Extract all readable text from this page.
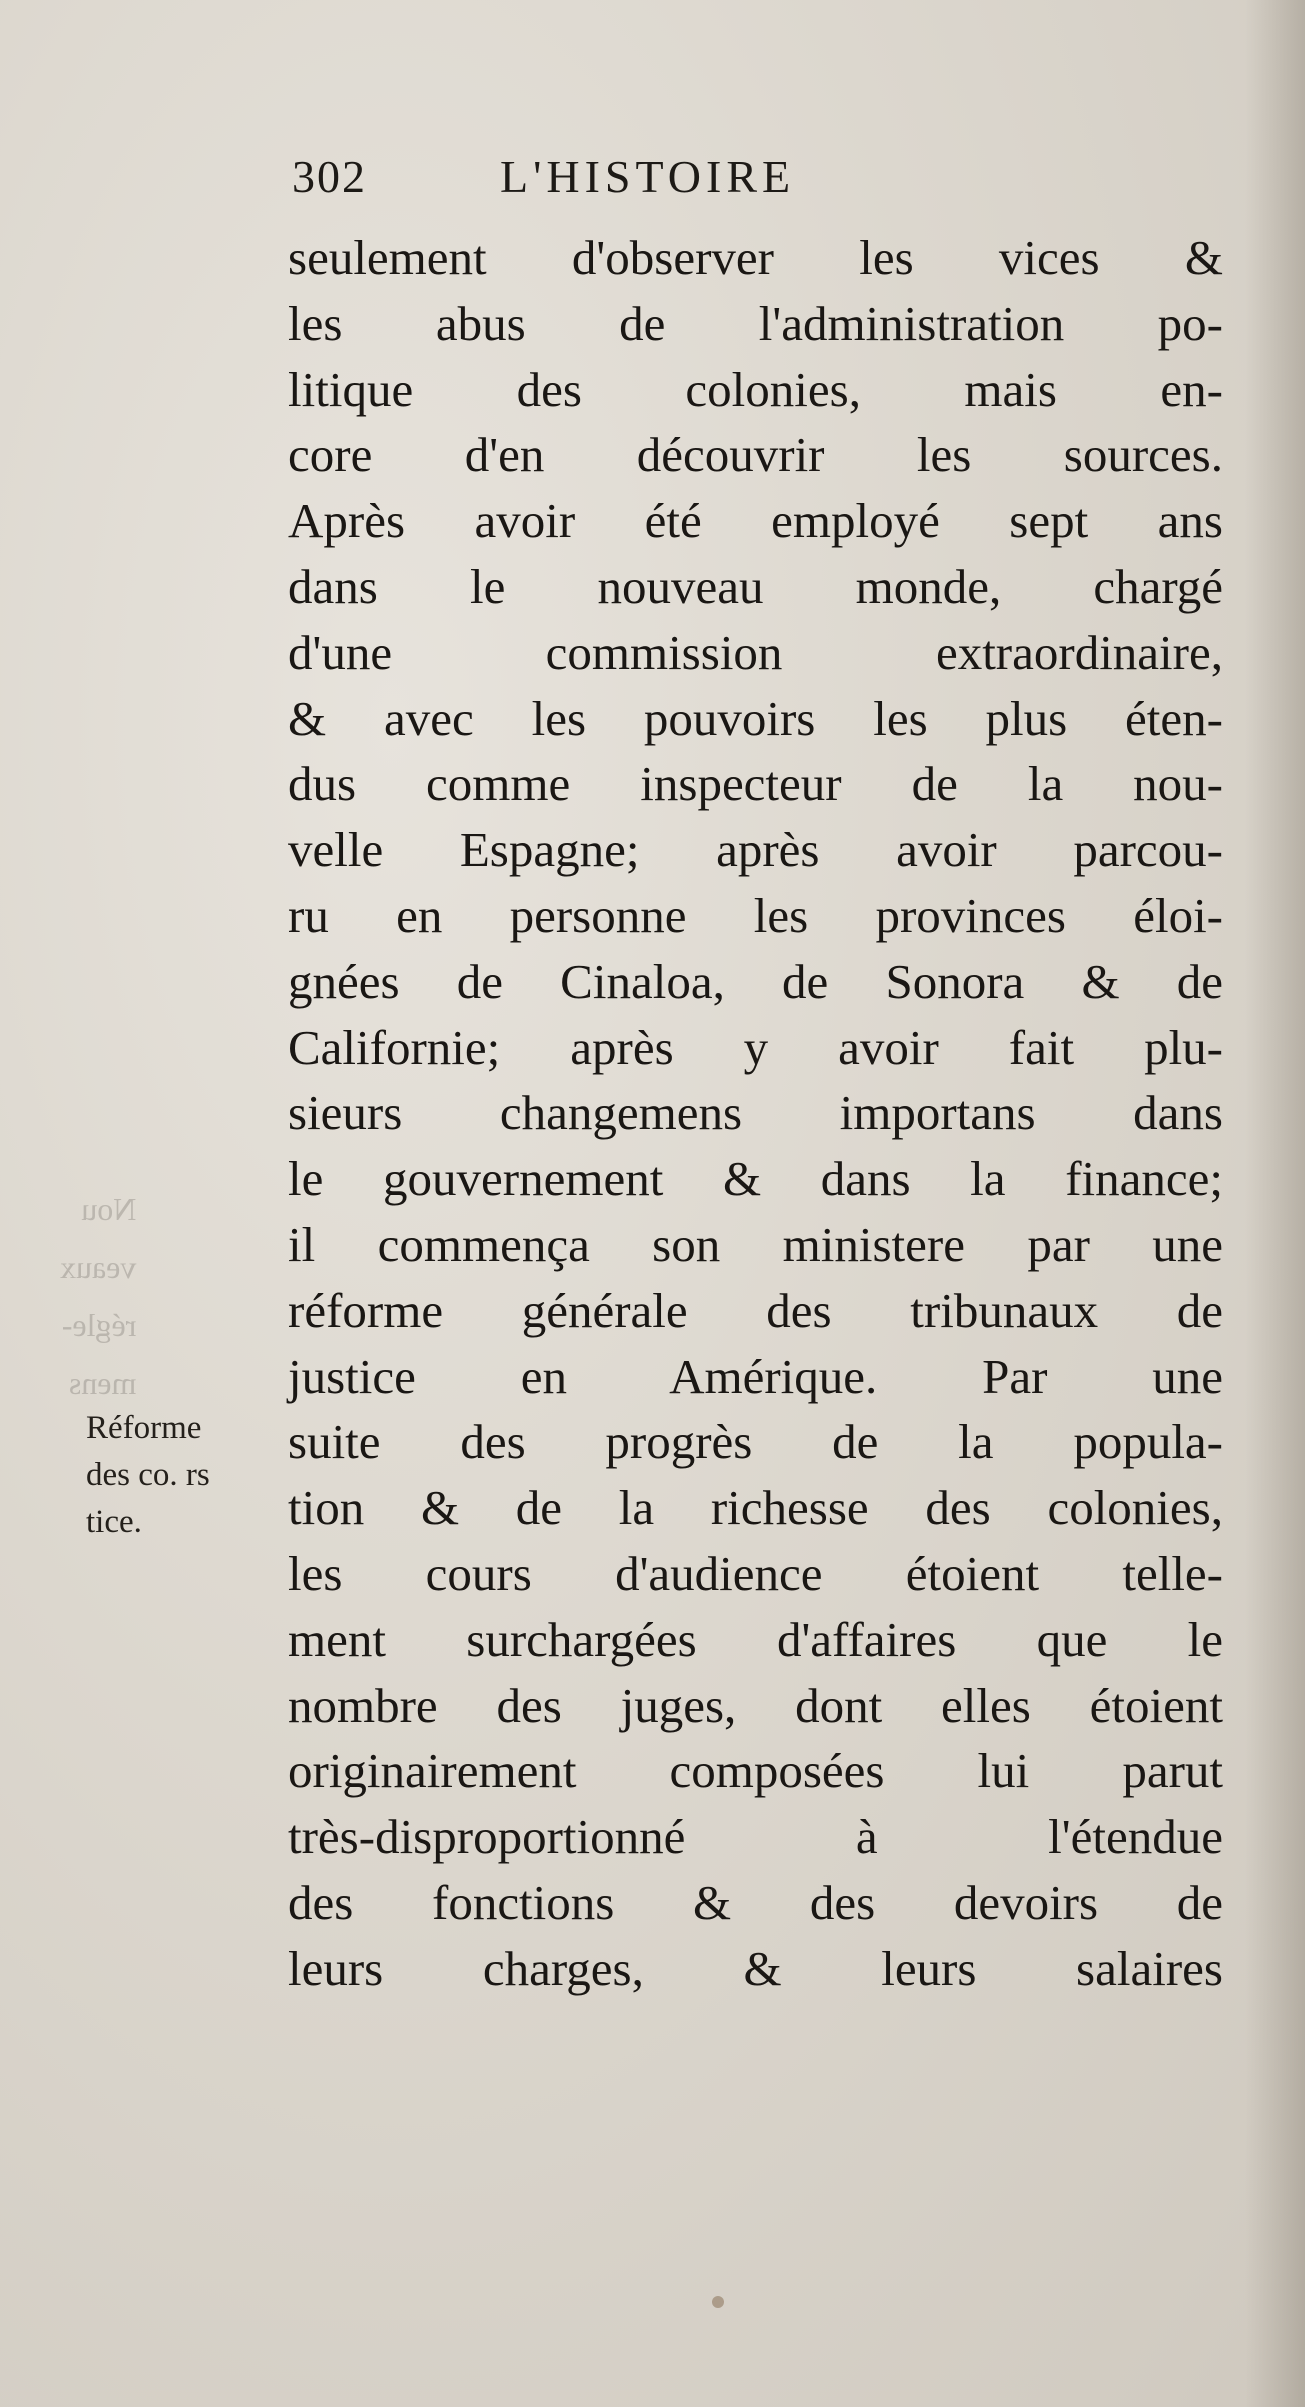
Nou
veaux
régle-
mens
302	L'HISTOIRE
Réforme
des co. rs
tice.
seulement d'observer les vices &
les abus de l'administration po-
litique des colonies, mais en-
core d'en découvrir les sources.
Après avoir été employé sept ans
dans le nouveau monde, chargé
d'une commission extraordinaire,
& avec les pouvoirs les plus éten-
dus comme inspecteur de la nou-
velle Espagne; après avoir parcou-
ru en personne les provinces éloi-
gnées de Cinaloa, de Sonora & de
Californie; après y avoir fait plu-
sieurs changemens importans dans
le gouvernement & dans la finance;
il commença son ministere par une
réforme générale des tribunaux de
justice en Amérique. Par une
suite des progrès de la popula-
tion & de la richesse des colonies,
les cours d'audience étoient telle-
ment surchargées d'affaires que le
nombre des juges, dont elles étoient
originairement composées lui parut
très-disproportionné à l'étendue
des fonctions & des devoirs de
leurs charges, & leurs salaires
